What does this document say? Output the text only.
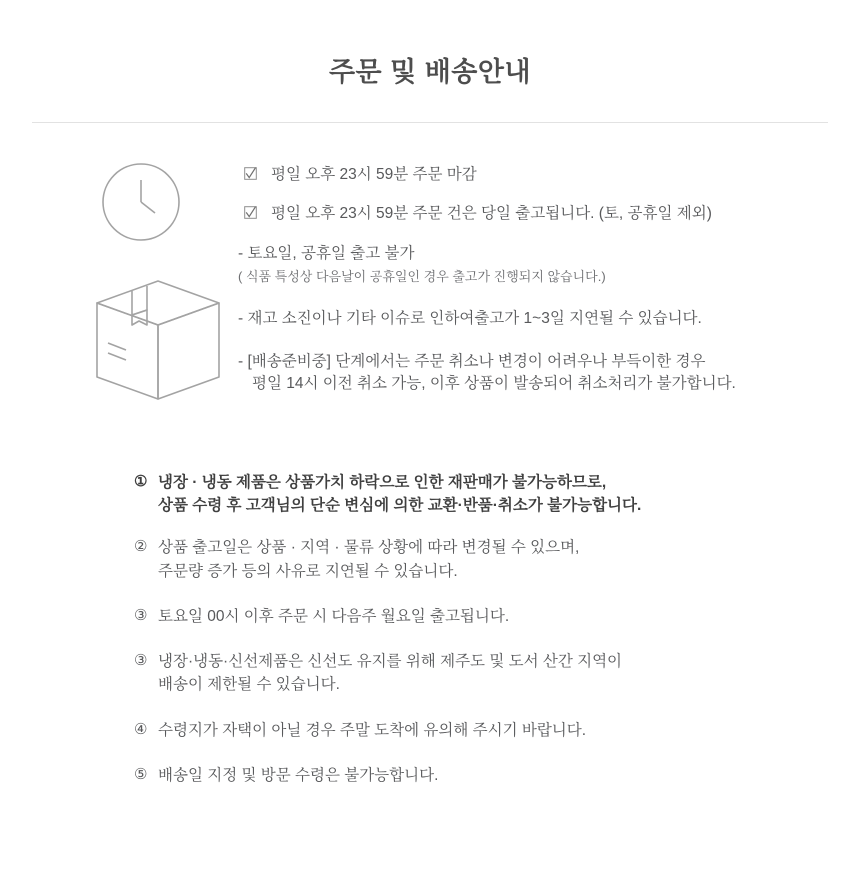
주문 및 배송안내
평일 오후 23시 59분 주문 마감
평일 오후 23시 59분 주문 건은 당일 출고됩니다. (토, 공휴일 제외)
- 토요일, 공휴일 출고 불가
( 식품 특성상 다음날이 공휴일인 경우 출고가 진행되지 않습니다.)
- 재고 소진이나 기타 이슈로 인하여출고가 1~3일 지연될 수 있습니다.
- [배송준비중] 단계에서는 주문 취소나 변경이 어려우나 부득이한 경우
평일 14시 이전 취소 가능, 이후 상품이 발송되어 취소처리가 불가합니다.
① 냉장 · 냉동 제품은 상품가치 하락으로 인한 재판매가 불가능하므로,
상품 수령 후 고객님의 단순 변심에 의한 교환·반품·취소가 불가능합니다.
② 상품 출고일은 상품 · 지역 · 물류 상황에 따라 변경될 수 있으며,
주문량 증가 등의 사유로 지연될 수 있습니다.
③ 토요일 00시 이후 주문 시 다음주 월요일 출고됩니다.
③ 냉장·냉동·신선제품은 신선도 유지를 위해 제주도 및 도서 산간 지역이
배송이 제한될 수 있습니다.
④ 수령지가 자택이 아닐 경우 주말 도착에 유의해 주시기 바랍니다.
⑤ 배송일 지정 및 방문 수령은 불가능합니다.
